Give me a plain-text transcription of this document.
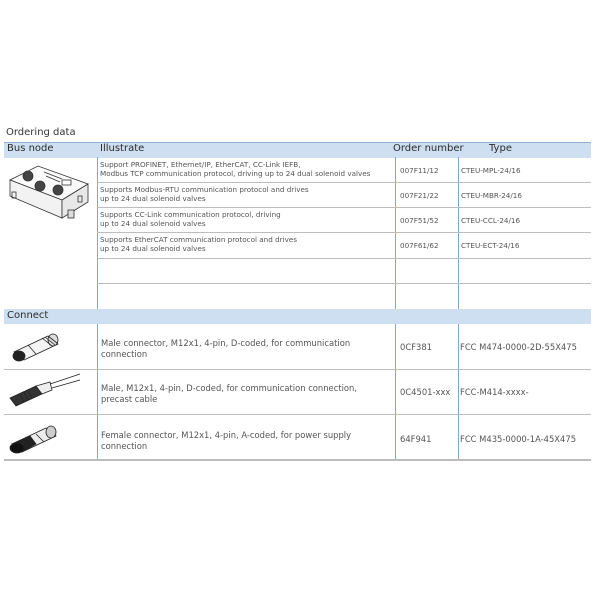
Ordering data
Bus node	Illustrate	Order number	Type
Support PROFINET, Ethernet/IP, EtherCAT, CC-Link IEFB,
Modbus TCP communication protocol, driving up to 24 dual solenoid valves	007F11/12	CTEU-MPL-24/16
Supports Modbus-RTU communication protocol and drives
up to 24 dual solenoid valves	007F21/22	CTEU-MBR-24/16
Supports CC-Link communication protocol, driving
up to 24 dual solenoid valves	007F51/52	CTEU-CCL-24/16
Supports EtherCAT communication protocol and drives
up to 24 dual solenoid valves	007F61/62	CTEU-ECT-24/16
Connect
Male connector, M12x1, 4-pin, D-coded, for communication
connection
0CF381	FCC M474-0000-2D-55X475
Male, M12x1, 4-pin, D-coded, for communication connection,
precast cable
0C4501-xxx FCC-M414-xxxx-
Female connector, M12x1, 4-pin, A-coded, for power supply
connection
64F941	FCC M435-0000-1A-45X475
